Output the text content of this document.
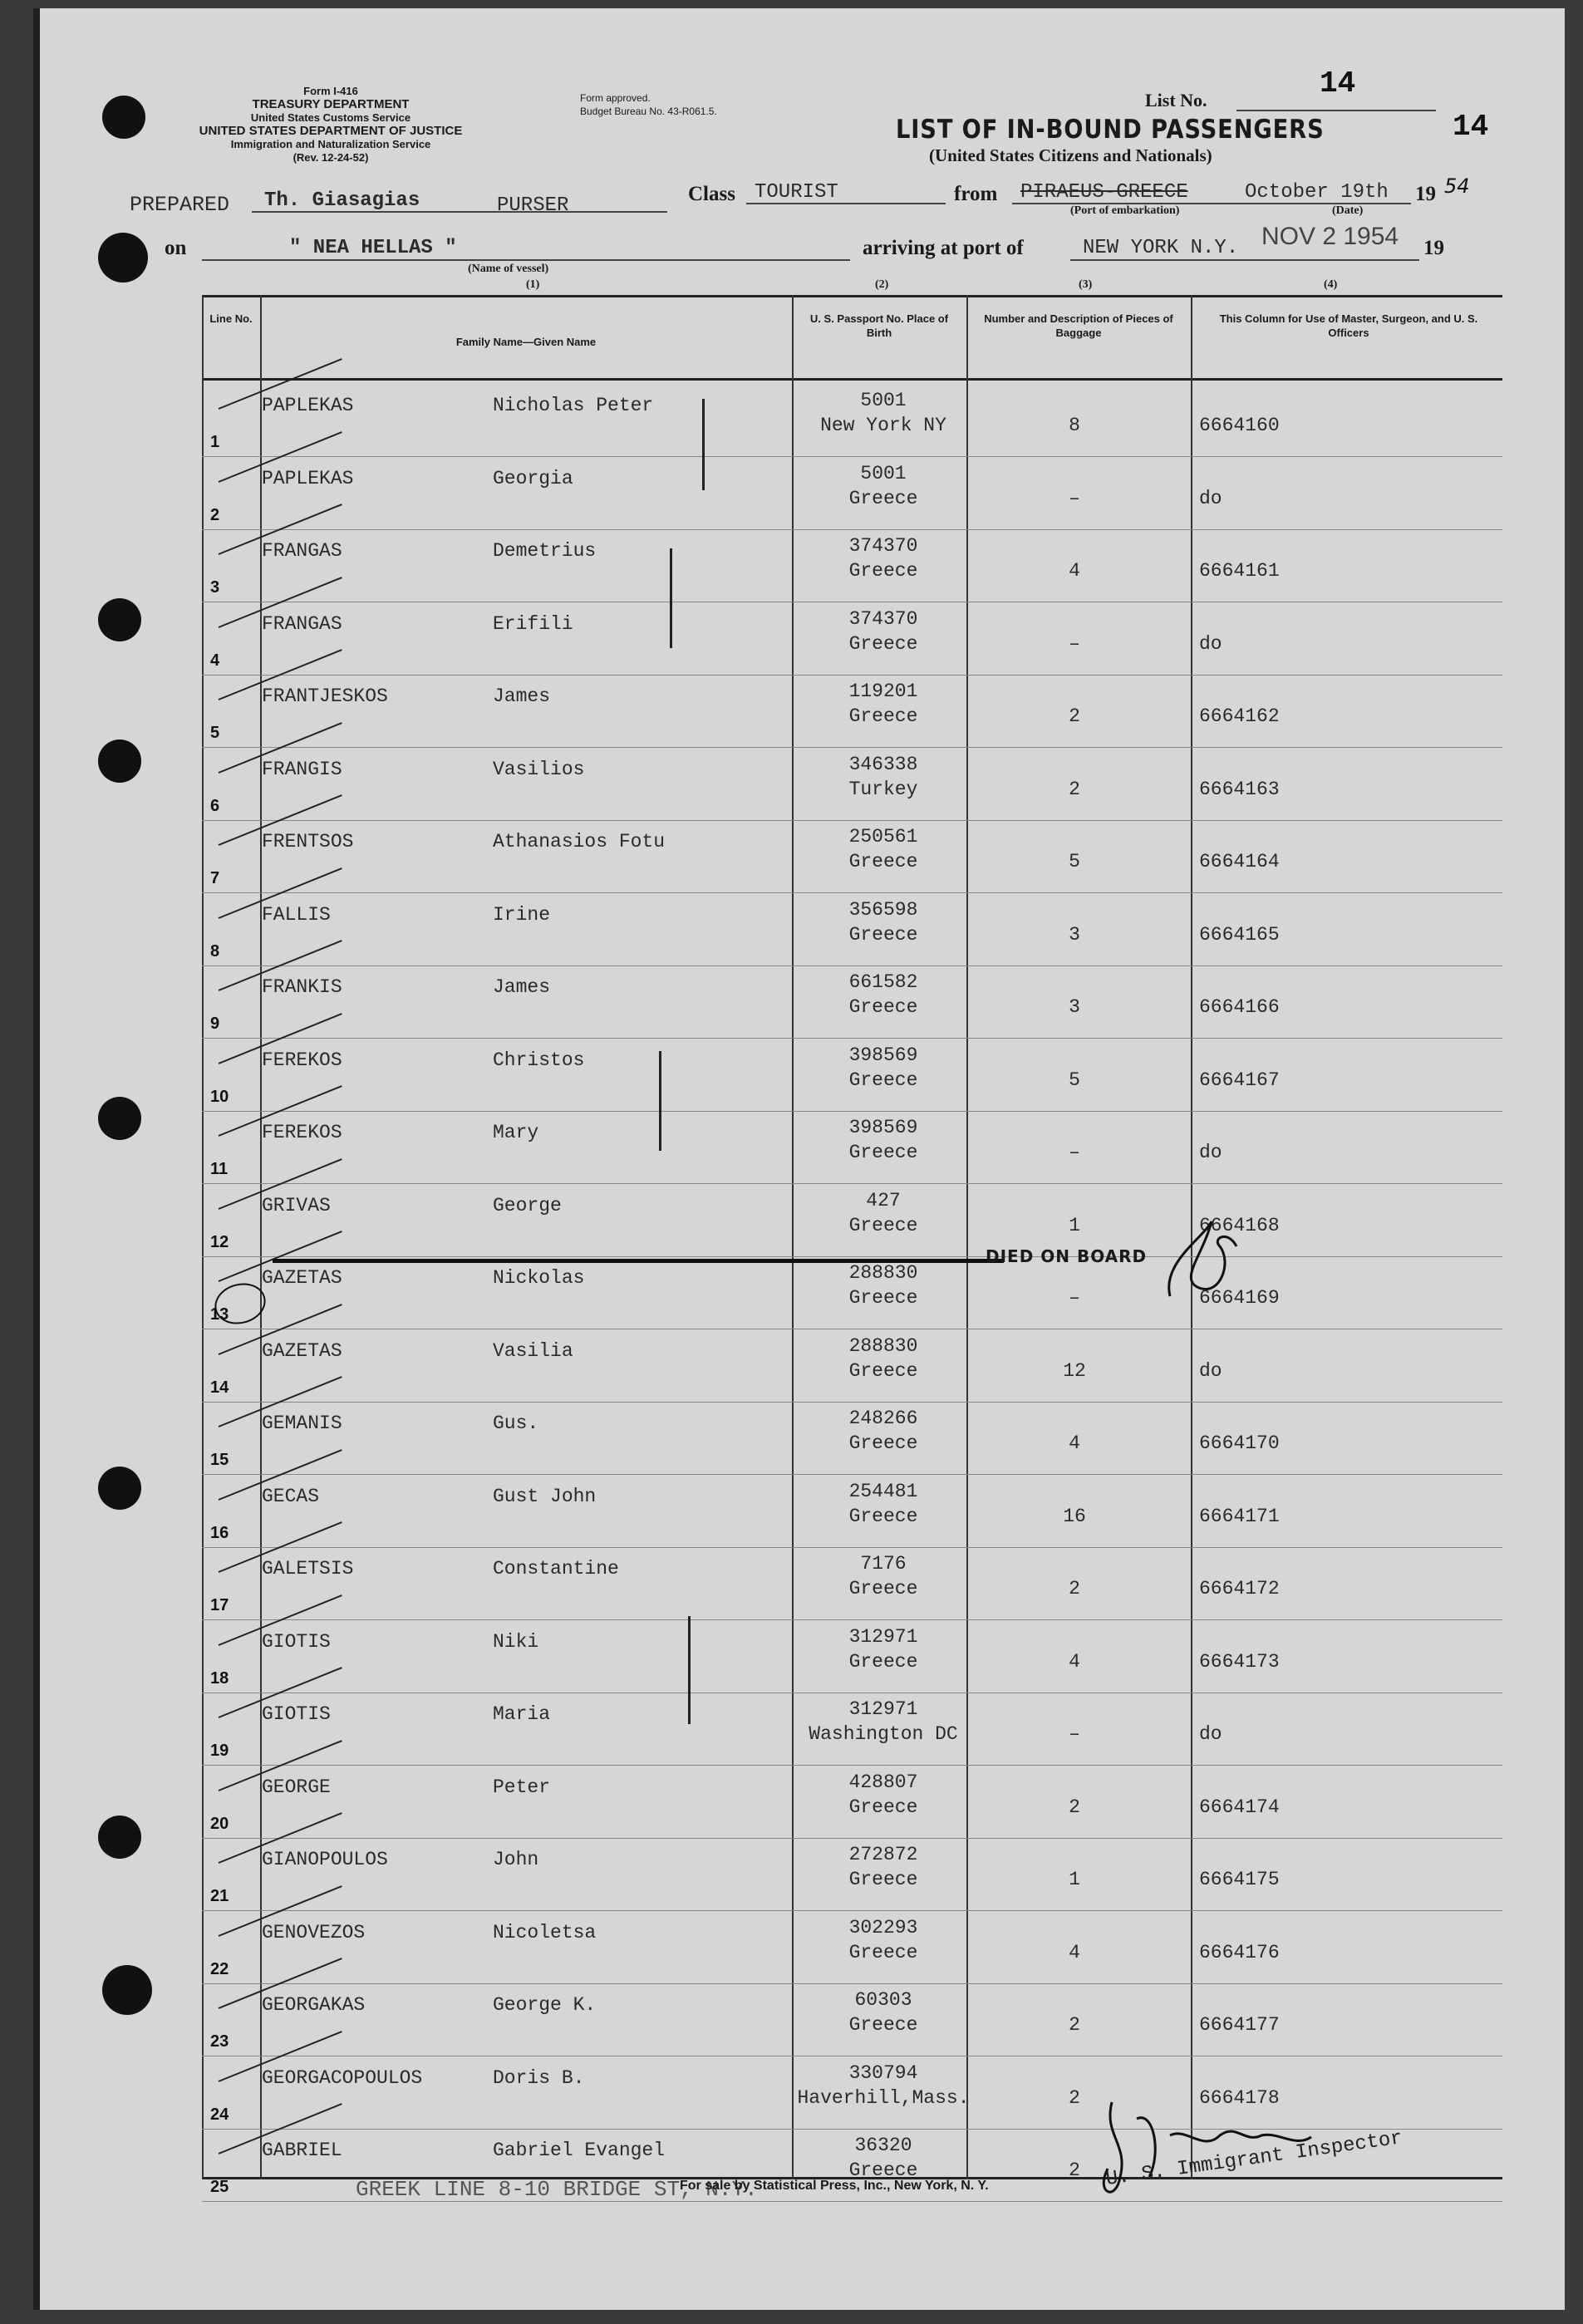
Form I-416
TREASURY DEPARTMENT
United States Customs Service
UNITED STATES DEPARTMENT OF JUSTICE
Immigration and Naturalization Service
(Rev. 12-24-52)
Form approved.
Budget Bureau No. 43-R061.5.
List No.	14
14
LIST OF IN-BOUND PASSENGERS
(United States Citizens and Nationals)
PREPARED Th. Giasagias	PURSER
Class TOURIST	from PIRAEUS-GREECE	October 19th 19 54
(Port of embarkation)	(Date)
on	" NEA HELLAS "
(Name of vessel)
arriving at port of	NEW YORK N.Y. NOV 2 1954 19
(1)	(2)	(3)	(4)
Line No.
Family Name—Given Name
U. S. Passport No. Place of Birth
Number and Description of Pieces of Baggage
This Column for Use of Master, Surgeon, and U. S. Officers
1
PAPLEKAS	Nicholas Peter	5001
New York NY	8	6664160
2
PAPLEKAS	Georgia	5001
Greece	–	do
3
FRANGAS	Demetrius	374370
Greece	4	6664161
4
FRANGAS	Erifili	374370
Greece	–	do
5
FRANTJESKOS	James	119201
Greece	2	6664162
6
FRANGIS	Vasilios	346338
Turkey	2	6664163
7
FRENTSOS	Athanasios Fotu	250561
Greece	5	6664164
8
FALLIS	Irine	356598
Greece	3	6664165
9
FRANKIS	James	661582
Greece	3	6664166
10
FEREKOS	Christos	398569
Greece	5	6664167
11
FEREKOS	Mary	398569
Greece	–	do
12
GRIVAS	George	427
Greece	1	6664168
13
GAZETAS	Nickolas	288830
Greece	–	6664169
14
GAZETAS	Vasilia	288830
Greece	12	do
15
GEMANIS	Gus.	248266
Greece	4	6664170
16
GECAS	Gust John	254481
Greece	16	6664171
17
GALETSIS	Constantine	7176
Greece	2	6664172
18
GIOTIS	Niki	312971
Greece	4	6664173
19
GIOTIS	Maria	312971
Washington DC	–	do
20
GEORGE	Peter	428807
Greece	2	6664174
21
GIANOPOULOS	John	272872
Greece	1	6664175
22
GENOVEZOS	Nicoletsa	302293
Greece	4	6664176
23
GEORGAKAS	George K.	60303
Greece	2	6664177
24
GEORGACOPOULOS	Doris B.	330794
Haverhill,Mass.	2	6664178
25
GABRIEL	Gabriel Evangel	36320
Greece	2
DIED ON BOARD
GREEK LINE 8-10 BRIDGE ST, N.Y.
For sale by Statistical Press, Inc., New York, N. Y.	U. S. Immigrant Inspector
